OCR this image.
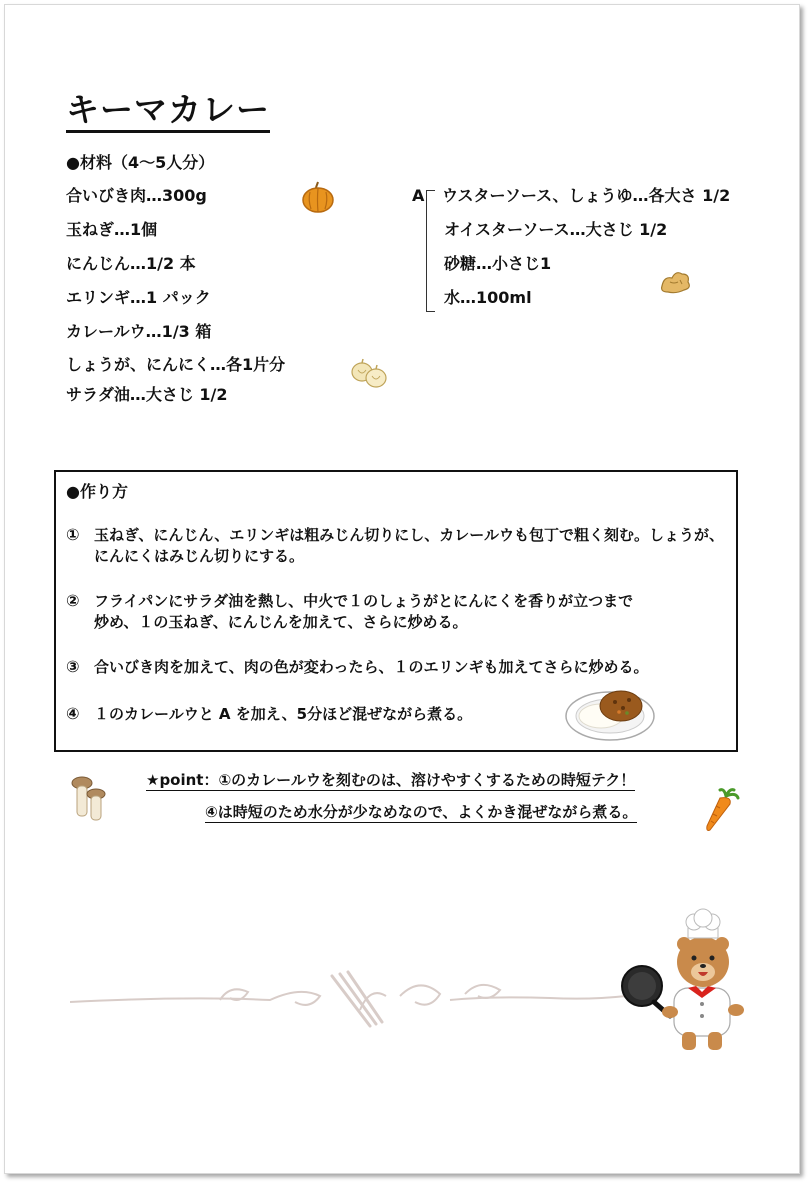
キーマカレー
●材料（4～5人分）
合いびき肉…300g
玉ねぎ…1個
にんじん…1/2 本
エリンギ…1 パック
カレールウ…1/3 箱
しょうが、にんにく…各1片分
サラダ油…大さじ 1/2
A ウスターソース、しょうゆ…各大さ 1/2
オイスターソース…大さじ 1/2
砂糖…小さじ1
水…100ml
●作り方
① 玉ねぎ、にんじん、エリンギは粗みじん切りにし、カレールウも包丁で粗く刻む。しょうが、
にんにくはみじん切りにする。
② フライパンにサラダ油を熱し、中火で１のしょうがとにんにくを香りが立つまで
炒め、１の玉ねぎ、にんじんを加えて、さらに炒める。
③ 合いびき肉を加えて、肉の色が変わったら、１のエリンギも加えてさらに炒める。
④ １のカレールウと A を加え、5分ほど混ぜながら煮る。
★point：①のカレールウを刻むのは、溶けやすくするための時短テク！
④は時短のため水分が少なめなので、よくかき混ぜながら煮る。
